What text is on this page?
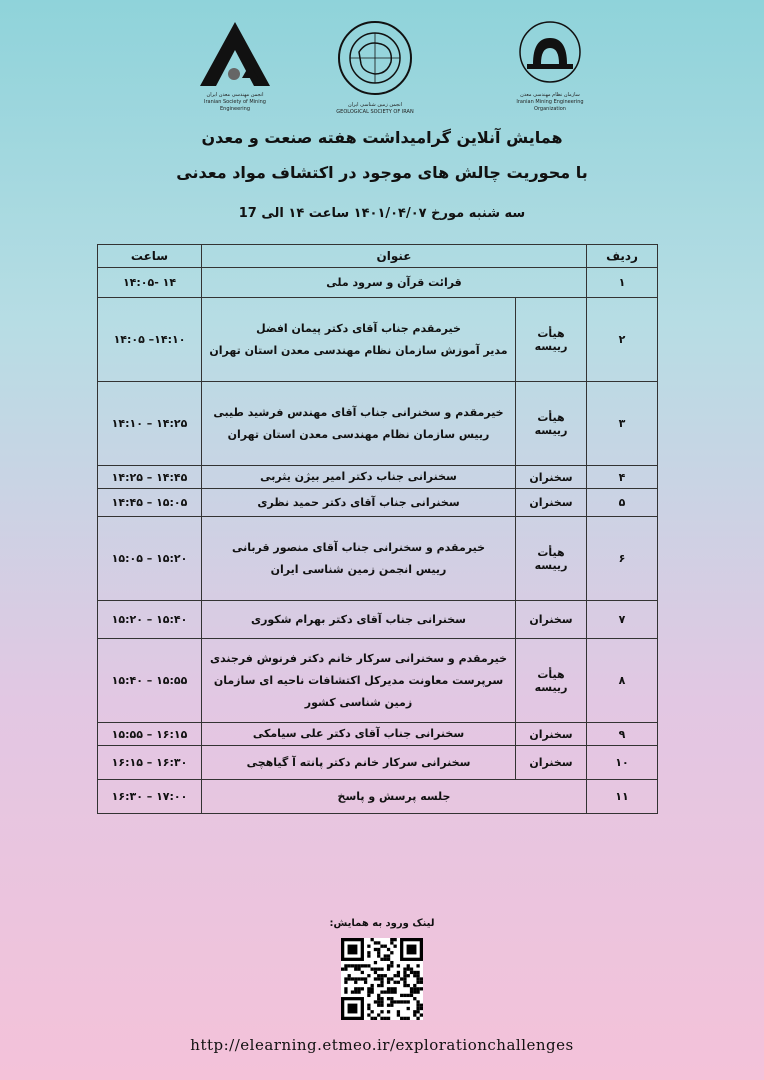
انجمن مهندسی معدن ایران
Iranian Society of Mining Engineering
انجمن زمین شناسی ایران
GEOLOGICAL SOCIETY OF IRAN
سازمان نظام مهندسی معدن
Iranian Mining Engineering Organization
همایش آنلاین گرامیداشت هفته صنعت و معدن
با محوریت چالش های موجود در اکتشاف مواد معدنی
سه شنبه مورخ ۱۴۰۱/۰۴/۰۷ ساعت ۱۴ الی 17
ردیف	عنوان		ساعت
۱	قرائت قرآن و سرود ملی		۱۴:۰۵- ۱۴
۲	هیأت رییسه	خیرمقدم جناب آقای دکتر پیمان افضل
مدیر آموزش سازمان نظام مهندسی معدن استان تهران	۱۴:۰۵ –۱۴:۱۰
۳	هیأت رییسه	خیرمقدم و سخنرانی جناب آقای مهندس فرشید طیبی
رییس سازمان نظام مهندسی معدن استان تهران	۱۴:۱۰ – ۱۴:۲۵
۴	سخنران	سخنرانی جناب دکتر امیر بیژن یثربی	۱۴:۲۵ – ۱۴:۴۵
۵	سخنران	سخنرانی جناب آقای دکتر حمید نظری	۱۴:۴۵ – ۱۵:۰۵
۶	هیأت رییسه	خیرمقدم و سخنرانی جناب آقای منصور قربانی
رییس انجمن زمین شناسی ایران	۱۵:۰۵ – ۱۵:۲۰
۷	سخنران	سخنرانی جناب آقای دکتر بهرام شکوری	۱۵:۲۰ – ۱۵:۴۰
۸	هیأت رییسه	خیرمقدم و سخنرانی سرکار خانم دکتر فرنوش فرجندی
سرپرست معاونت مدیرکل اکتشافات ناحیه ای سازمان زمین شناسی کشور	۱۵:۴۰ – ۱۵:۵۵
۹	سخنران	سخنرانی جناب آقای دکتر علی سیامکی	۱۵:۵۵ – ۱۶:۱۵
۱۰	سخنران	سخنرانی سرکار خانم دکتر پانته آ گیاهچی	۱۶:۱۵ – ۱۶:۳۰
۱۱	جلسه پرسش و پاسخ		۱۶:۳۰ – ۱۷:۰۰
لینک ورود به همایش:
http://elearning.etmeo.ir/explorationchallenges
